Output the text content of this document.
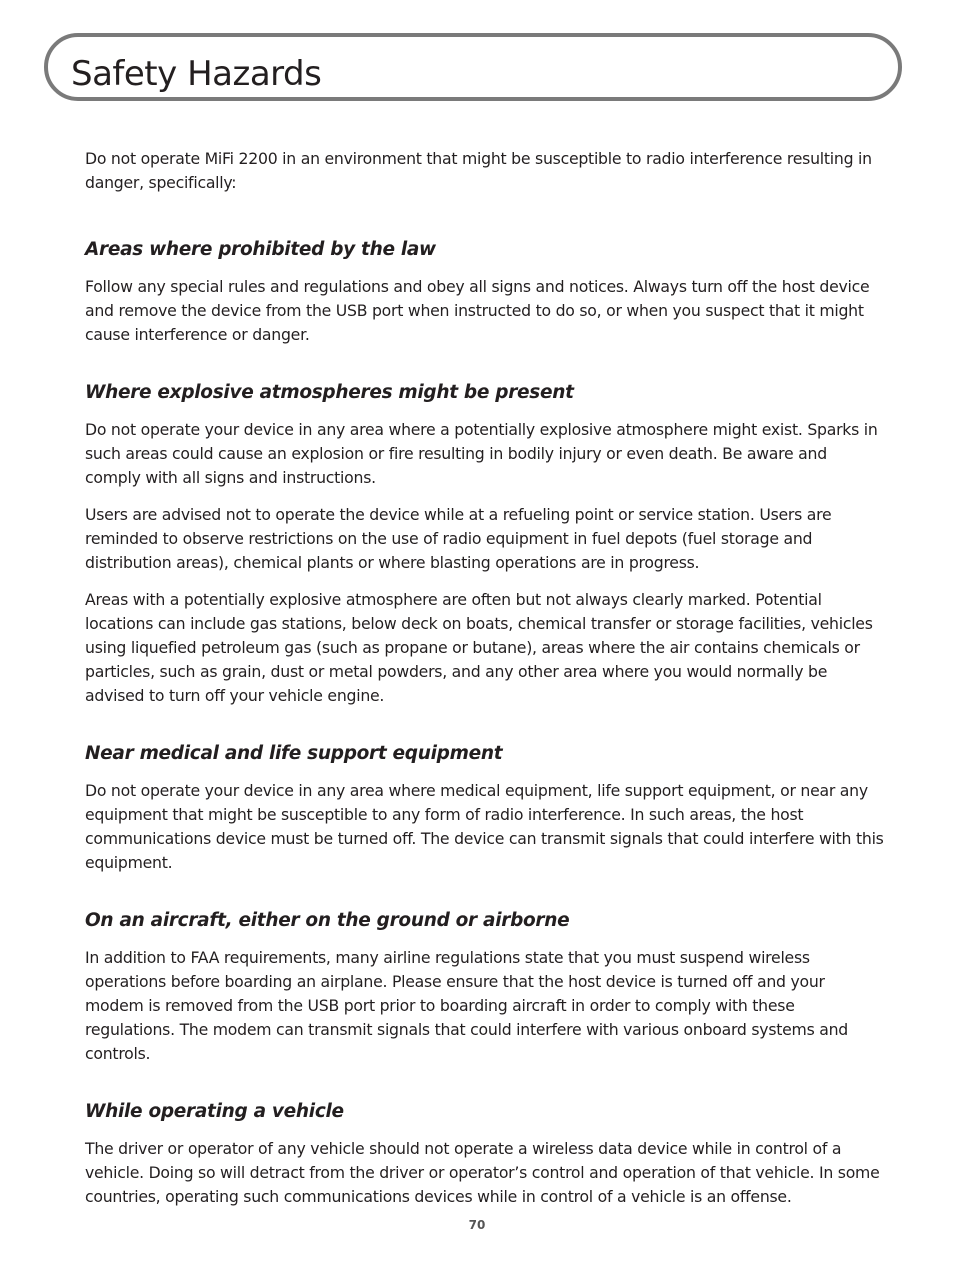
Safety Hazards

Do not operate MiFi 2200 in an environment that might be susceptible to radio interference resulting in danger, specifically:

Areas where prohibited by the law

Follow any special rules and regulations and obey all signs and notices. Always turn off the host device and remove the device from the USB port when instructed to do so, or when you suspect that it might cause interference or danger.

Where explosive atmospheres might be present

Do not operate your device in any area where a potentially explosive atmosphere might exist. Sparks in such areas could cause an explosion or fire resulting in bodily injury or even death. Be aware and comply with all signs and instructions.

Users are advised not to operate the device while at a refueling point or service station. Users are reminded to observe restrictions on the use of radio equipment in fuel depots (fuel storage and distribution areas), chemical plants or where blasting operations are in progress.

Areas with a potentially explosive atmosphere are often but not always clearly marked. Potential locations can include gas stations, below deck on boats, chemical transfer or storage facilities, vehicles using liquefied petroleum gas (such as propane or butane), areas where the air contains chemicals or particles, such as grain, dust or metal powders, and any other area where you would normally be advised to turn off your vehicle engine.

Near medical and life support equipment

Do not operate your device in any area where medical equipment, life support equipment, or near any equipment that might be susceptible to any form of radio interference. In such areas, the host communications device must be turned off. The device can transmit signals that could interfere with this equipment.

On an aircraft, either on the ground or airborne

In addition to FAA requirements, many airline regulations state that you must suspend wireless operations before boarding an airplane. Please ensure that the host device is turned off and your modem is removed from the USB port prior to boarding aircraft in order to comply with these regulations. The modem can transmit signals that could interfere with various onboard systems and controls.

While operating a vehicle

The driver or operator of any vehicle should not operate a wireless data device while in control of a vehicle. Doing so will detract from the driver or operator’s control and operation of that vehicle. In some countries, operating such communications devices while in control of a vehicle is an offense.

70
